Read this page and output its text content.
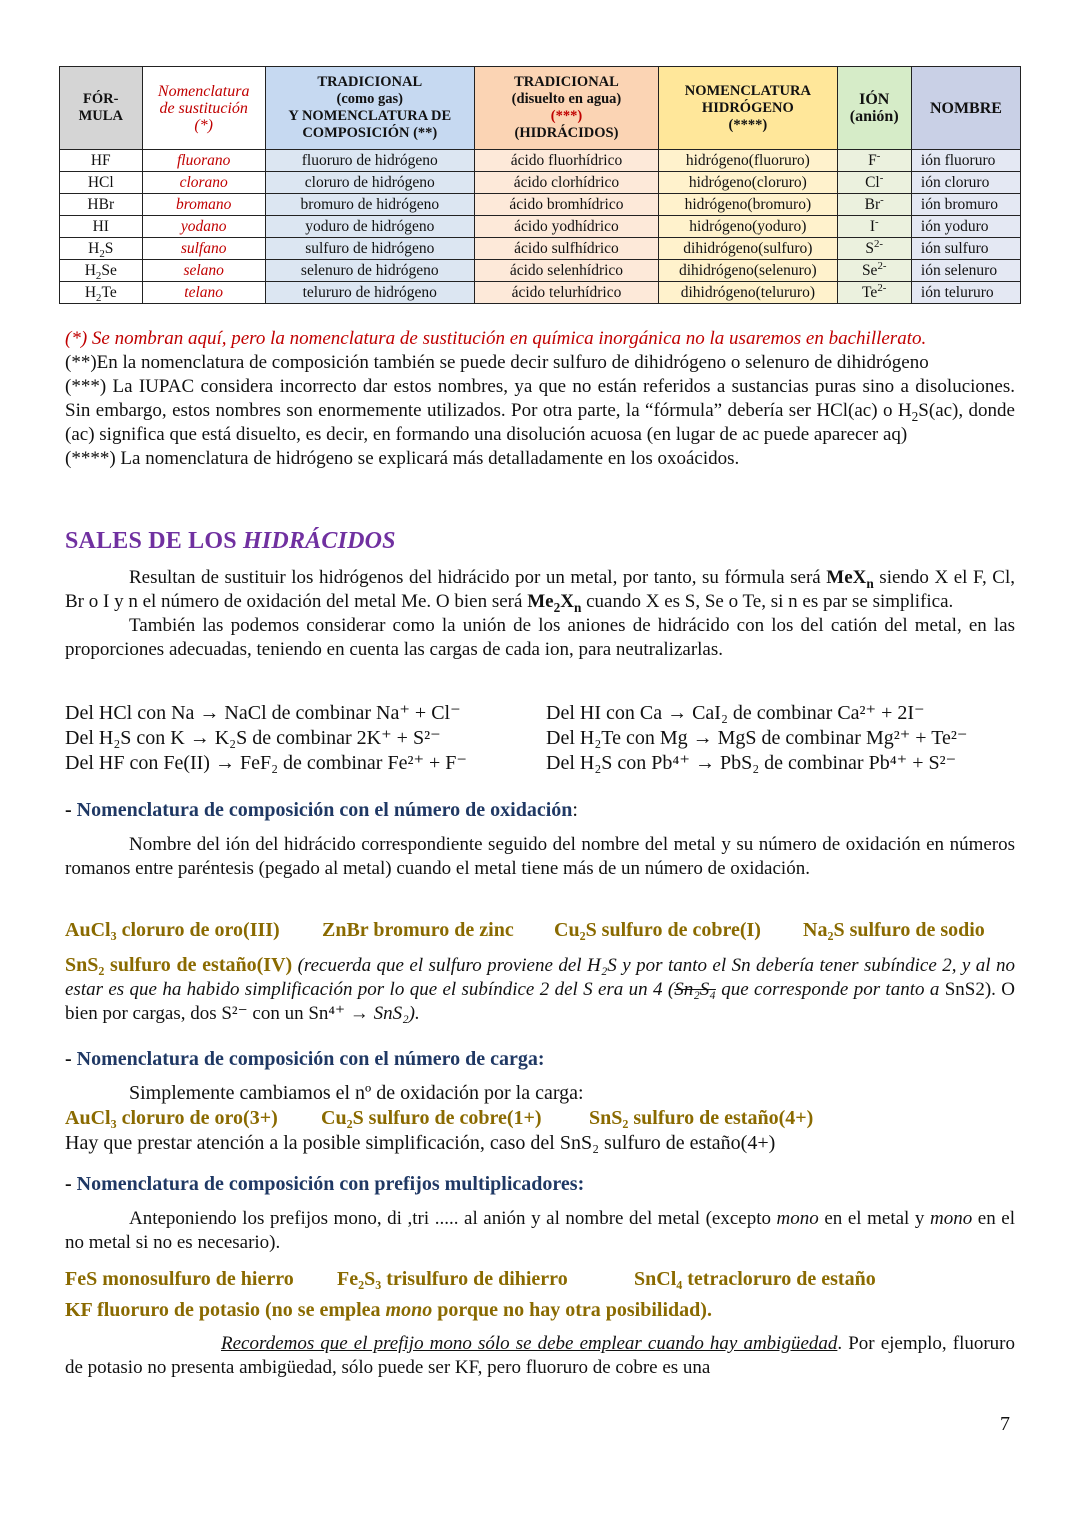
FÓR-
MULA	Nomenclatura
de sustitución
(*)	TRADICIONAL
(como gas)
Y NOMENCLATURA DE
COMPOSICIÓN (**)	TRADICIONAL
(disuelto en agua)
(***)
(HIDRÁCIDOS)	NOMENCLATURA
HIDRÓGENO
(****)	IÓN
(anión)	NOMBRE
HF	fluorano	fluoruro de hidrógeno	ácido fluorhídrico	hidrógeno(fluoruro)	F-	ión fluoruro
HCl	clorano	cloruro de hidrógeno	ácido clorhídrico	hidrógeno(cloruro)	Cl-	ión cloruro
HBr	bromano	bromuro de hidrógeno	ácido bromhídrico	hidrógeno(bromuro)	Br-	ión bromuro
HI	yodano	yoduro de hidrógeno	ácido yodhídrico	hidrógeno(yoduro)	I-	ión yoduro
$H_2S$	sulfano	sulfuro de hidrógeno	ácido sulfhídrico	dihidrógeno(sulfuro)	$S^{2-}$	ión sulfuro
$H_2Se$	selano	selenuro de hidrógeno	ácido selenhídrico	dihidrógeno(selenuro)	$Se^{2-}$	ión selenuro
$H_2Te$	telano	telururo de hidrógeno	ácido telurhídrico	dihidrógeno(telururo)	$Te^{2-}$	ión telururo
(*) Se nombran aquí, pero la nomenclatura de sustitución en química inorgánica no la usaremos en bachillerato.
(**)En la nomenclatura de composición también se puede decir sulfuro de dihidrógeno o selenuro de dihidrógeno
(***) La IUPAC considera incorrecto dar estos nombres, ya que no están referidos a sustancias puras sino a disoluciones. Sin embargo, estos nombres son enormemente utilizados. Por otra parte, la “fórmula” debería ser HCl(ac) o $H_2S(ac)$, donde (ac) significa que está disuelto, es decir, en formando una disolución acuosa (en lugar de ac puede aparecer aq)
(****) La nomenclatura de hidrógeno se explicará más detalladamente en los oxoácidos.
SALES DE LOS HIDRÁCIDOS
Resultan de sustituir los hidrógenos del hidrácido por un metal, por tanto, su fórmula será MeX$_n$ siendo X el F, Cl, Br o I y n el número de oxidación del metal Me. O bien será $Me_2X_n$ cuando X es S, Se o Te, si n es par se simplifica.
También las podemos considerar como la unión de los aniones de hidrácido con los del catión del metal, en las proporciones adecuadas, teniendo en cuenta las cargas de cada ion, para neutralizarlas.
Del HCl con Na → NaCl de combinar Na⁺ + Cl⁻
Del H₂S con K → K₂S de combinar 2K⁺ + S²⁻
Del HF con Fe(II) → FeF₂ de combinar Fe²⁺ + F⁻
Del HI con Ca → CaI₂ de combinar Ca²⁺ + 2I⁻
Del H₂Te con Mg → MgS de combinar Mg²⁺ + Te²⁻
Del H₂S con Pb⁴⁺ → PbS₂ de combinar Pb⁴⁺ + S²⁻
- Nomenclatura de composición con el número de oxidación:
Nombre del ión del hidrácido correspondiente seguido del nombre del metal y su número de oxidación en números romanos entre paréntesis (pegado al metal) cuando el metal tiene más de un número de oxidación.
AuCl₃ cloruro de oro(III) ZnBr bromuro de zinc Cu₂S sulfuro de cobre(I) Na₂S sulfuro de sodio
SnS₂ sulfuro de estaño(IV) (recuerda que el sulfuro proviene del H₂S y por tanto el Sn debería tener subíndice 2, y al no estar es que ha habido simplificación por lo que el subíndice 2 del S era un 4 (Sn₂S₄ que corresponde por tanto a SnS2). O bien por cargas, dos S²⁻ con un Sn⁴⁺ → SnS₂).
- Nomenclatura de composición con el número de carga:
Simplemente cambiamos el nº de oxidación por la carga:
AuCl₃ cloruro de oro(3+) Cu₂S sulfuro de cobre(1+) SnS₂ sulfuro de estaño(4+)
Hay que prestar atención a la posible simplificación, caso del SnS₂ sulfuro de estaño(4+)
- Nomenclatura de composición con prefijos multiplicadores:
Anteponiendo los prefijos mono, di ,tri ..... al anión y al nombre del metal (excepto mono en el metal y mono en el no metal si no es necesario).
FeS monosulfuro de hierro Fe₂S₃ trisulfuro de dihierro	SnCl₄ tetracloruro de estaño
KF fluoruro de potasio (no se emplea mono porque no hay otra posibilidad).
Recordemos que el prefijo mono sólo se debe emplear cuando hay ambigüedad. Por ejemplo, fluoruro de potasio no presenta ambigüedad, sólo puede ser KF, pero fluoruro de cobre es una
7
